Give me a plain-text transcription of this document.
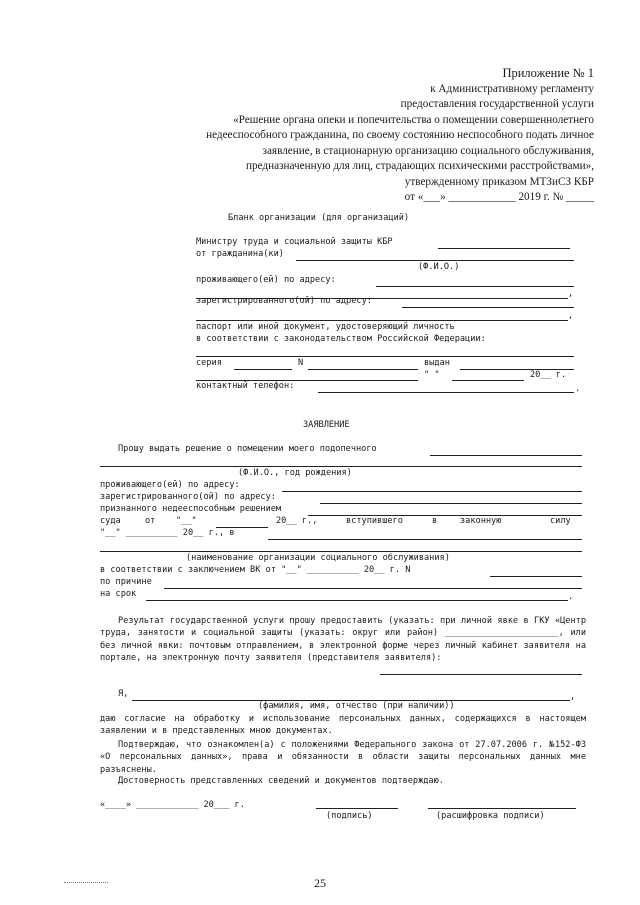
Приложение № 1
к Административному регламенту
предоставления государственной услуги
«Решение органа опеки и попечительства о помещении совершеннолетнего
недееспособного гражданина, по своему состоянию неспособного подать личное
заявление, в стационарную организацию социального обслуживания,
предназначенную для лиц, страдающих психическими расстройствами»,
утвержденному приказом МТЗиСЗ КБР
от «___» ____________ 2019 г. № _____
Бланк организации (для организаций)
Министру труда и социальной защиты КБР
от гражданина(ки)
(Ф.И.О.)
проживающего(ей) по адресу:
,
зарегистрированного(ой) по адресу:
,
паспорт или иной документ, удостоверяющий личность
в соответствии с законодательством Российской Федерации:
серия	N	выдан
" "	20__ г.
контактный телефон:	.
ЗАЯВЛЕНИЕ
Прошу выдать решение о помещении моего подопечного
(Ф.И.О., год рождения)
проживающего(ей) по адресу:
зарегистрированного(ой) по адресу:
признанного недееспособным решением
суда	от "__"	20__ г.,	вступившего	в	законную	силу
"__" __________ 20__ г., в
(наименование организации социального обслуживания)
в соответствии с заключением ВК от "__" __________ 20__ г. N
по причине
на срок	.
Результат государственной услуги прошу предоставить (указать: при личной явке в ГКУ «Центр труда, занятости и социальной защиты (указать: округ или район) ______________________, или без личной явки: почтовым отправлением, в электронной форме через личный кабинет заявителя на портале, на электронную почту заявителя (представителя заявителя):
Я,	,
(фамилия, имя, отчество (при наличии))
даю согласие на обработку и использование персональных данных, содержащихся в настоящем заявлении и в представленных мною документах.
Подтверждаю, что ознакомлен(а) с положениями Федерального закона от 27.07.2006 г. №152-ФЗ «О персональных данных», права и обязанности в области защиты персональных данных мне разъяснены.
Достоверность представленных сведений и документов подтверждаю.
«____» ____________ 20___ г.
(подпись)	(расшифровка подписи)
25
